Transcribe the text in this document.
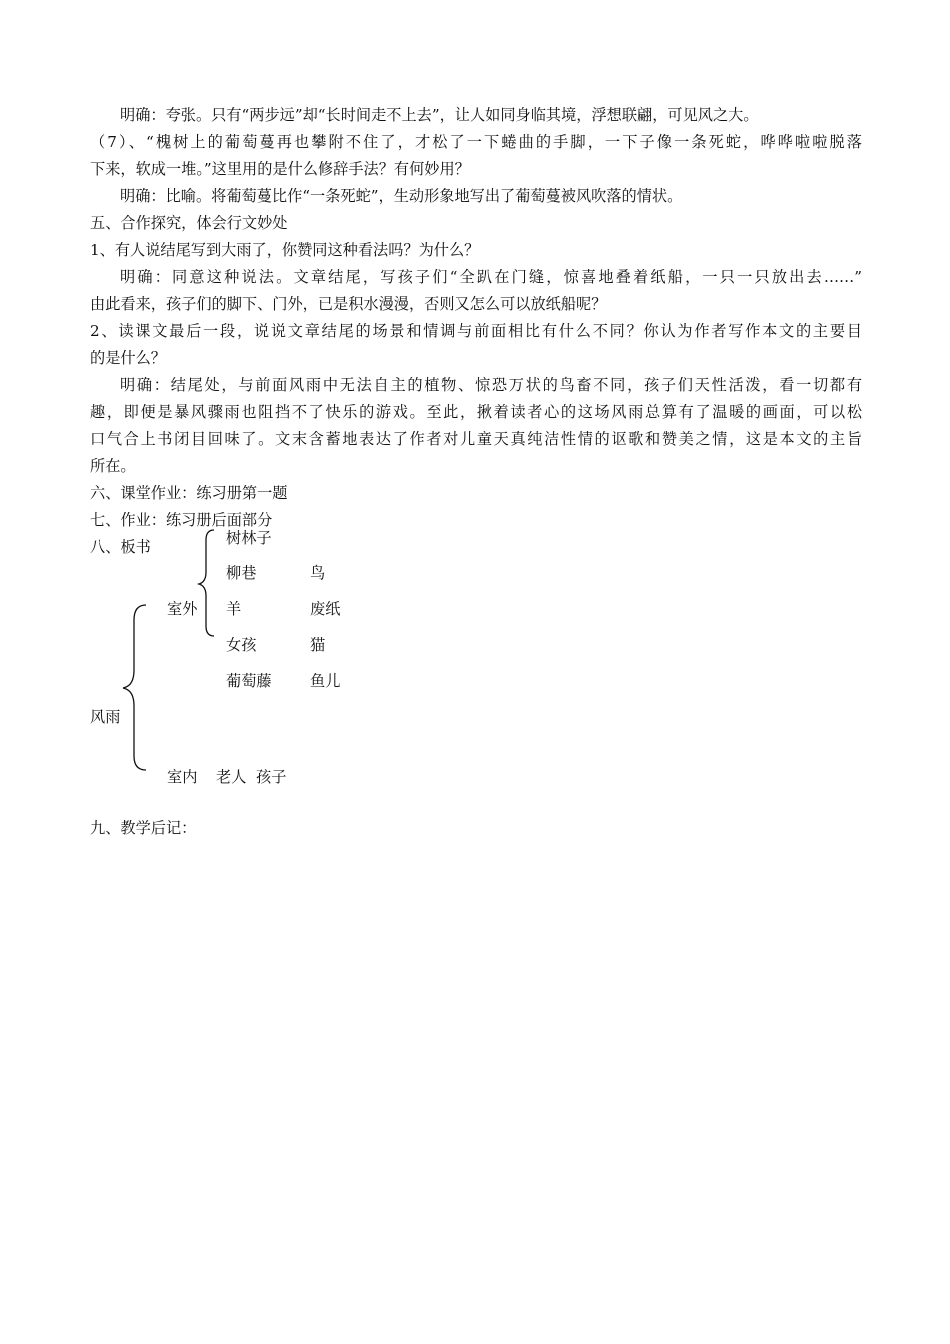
明确：夸张。只有“两步远”却“长时间走不上去”，让人如同身临其境，浮想联翩，可见风之大。
（7）、“槐树上的葡萄蔓再也攀附不住了，才松了一下蜷曲的手脚，一下子像一条死蛇，哗哗啦啦脱落
下来，软成一堆。”这里用的是什么修辞手法？有何妙用？
明确：比喻。将葡萄蔓比作“一条死蛇”，生动形象地写出了葡萄蔓被风吹落的情状。
五、合作探究，体会行文妙处
1、有人说结尾写到大雨了，你赞同这种看法吗？为什么？
明确：同意这种说法。文章结尾，写孩子们“全趴在门缝，惊喜地叠着纸船，一只一只放出去……”
由此看来，孩子们的脚下、门外，已是积水漫漫，否则又怎么可以放纸船呢？
2、读课文最后一段，说说文章结尾的场景和情调与前面相比有什么不同？你认为作者写作本文的主要目
的是什么？
明确：结尾处，与前面风雨中无法自主的植物、惊恐万状的鸟畜不同，孩子们天性活泼，看一切都有
趣，即便是暴风骤雨也阻挡不了快乐的游戏。至此，揪着读者心的这场风雨总算有了温暖的画面，可以松
口气合上书闭目回味了。文末含蓄地表达了作者对儿童天真纯洁性情的讴歌和赞美之情，这是本文的主旨
所在。
六、课堂作业：练习册第一题
七、作业：练习册后面部分
八、板书	树林子
柳巷	鸟
室外 羊	废纸
女孩	猫
葡萄藤	鱼儿
风雨
室内 老人  孩子
九、教学后记：
